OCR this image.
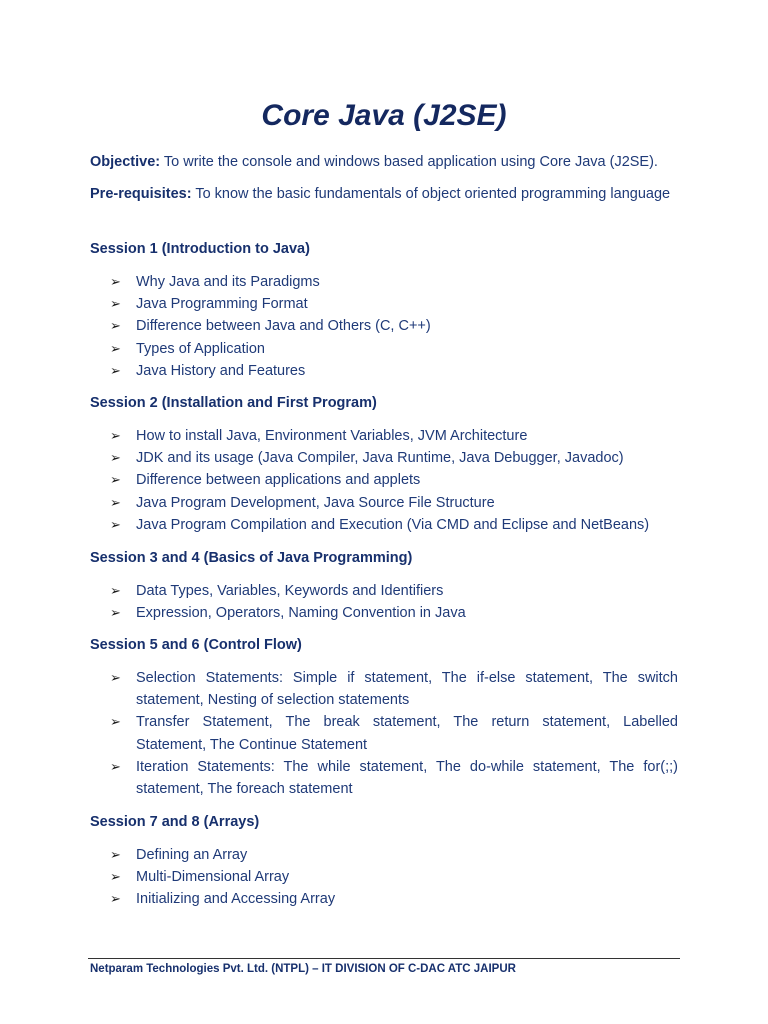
Core Java (J2SE)

Objective: To write the console and windows based application using Core Java (J2SE).

Pre-requisites: To know the basic fundamentals of object oriented programming language

Session 1 (Introduction to Java)

➢ Why Java and its Paradigms
➢ Java Programming Format
➢ Difference between Java and Others (C, C++)
➢ Types of Application
➢ Java History and Features

Session 2 (Installation and First Program)

➢ How to install Java, Environment Variables, JVM Architecture
➢ JDK and its usage (Java Compiler, Java Runtime, Java Debugger, Javadoc)
➢ Difference between applications and applets
➢ Java Program Development, Java Source File Structure
➢ Java Program Compilation and Execution (Via CMD and Eclipse and NetBeans)

Session 3 and 4 (Basics of Java Programming)

➢ Data Types, Variables, Keywords and Identifiers
➢ Expression, Operators, Naming Convention in Java

Session 5 and 6 (Control Flow)

➢ Selection Statements: Simple if statement, The if-else statement, The switch statement, Nesting of selection statements
➢ Transfer Statement, The break statement, The return statement, Labelled Statement, The Continue Statement
➢ Iteration Statements: The while statement, The do-while statement, The for(;;) statement, The foreach statement

Session 7 and 8 (Arrays)

➢ Defining an Array
➢ Multi-Dimensional Array
➢ Initializing and Accessing Array

Netparam Technologies Pvt. Ltd. (NTPL) – IT DIVISION OF C-DAC ATC JAIPUR
